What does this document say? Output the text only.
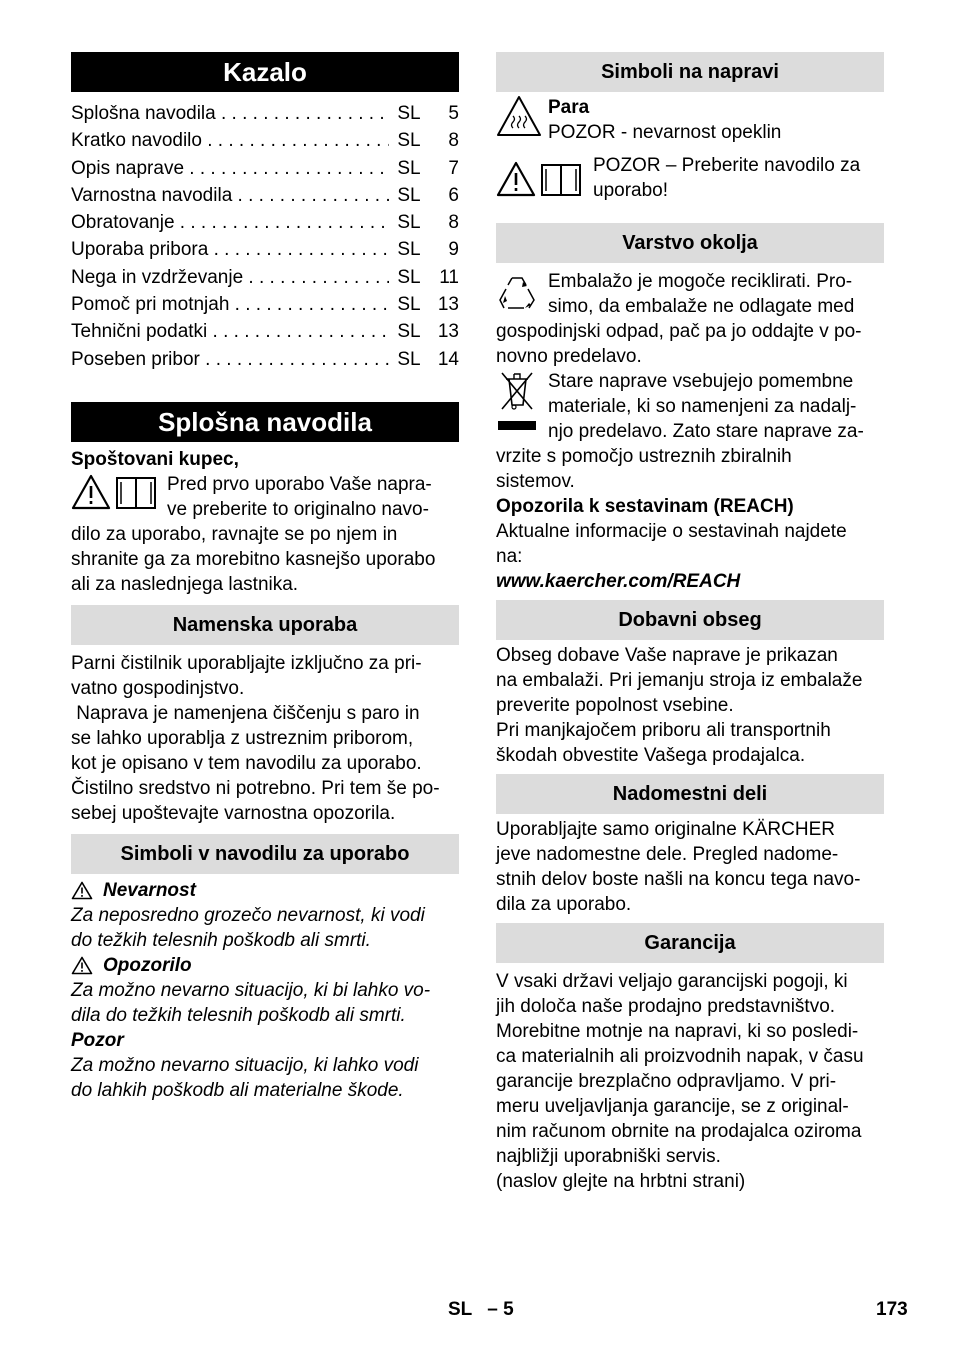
Kazalo
Splošna navodila . . .	SL	5
Kratko navodilo . . .	SL	8
Opis naprave . . .	SL	7
Varnostna navodila . . .	SL	6
Obratovanje . . .	SL	8
Uporaba pribora . . .	SL	9
Nega in vzdrževanje . . .	SL 11
Pomoč pri motnjah . . .	SL 13
Tehnični podatki . . .	SL 13
Poseben pribor . . .	SL 14
Splošna navodila

Spoštovani kupec,

Pred prvo uporabo Vaše napra-

ve preberite to originalno navo-

dilo za uporabo, ravnajte se po njem in

shranite ga za morebitno kasnejšo uporabo

ali za naslednjega lastnika.

Namenska uporaba

Parni čistilnik uporabljajte izključno za pri-

vatno gospodinjstvo.

Naprava je namenjena čiščenju s paro in

se lahko uporablja z ustreznim priborom,

kot je opisano v tem navodilu za uporabo.

Čistilno sredstvo ni potrebno. Pri tem še po-

sebej upoštevajte varnostna opozorila.

Simboli v navodilu za uporabo
Nevarnost

Za neposredno grozečo nevarnost, ki vodi

do težkih telesnih poškodb ali smrti.

Opozorilo

Za možno nevarno situacijo, ki bi lahko vo-

dila do težkih telesnih poškodb ali smrti.

Pozor

Za možno nevarno situacijo, ki lahko vodi

do lahkih poškodb ali materialne škode.

Simboli na napravi

Para

POZOR - nevarnost opeklin

POZOR – Preberite navodilo za

uporabo!

Varstvo okolja

Embalažo je mogoče reciklirati. Pro-

simo, da embalaže ne odlagate med

gospodinjski odpad, pač pa jo oddajte v po-

novno predelavo.

Stare naprave vsebujejo pomembne

materiale, ki so namenjeni za nadalj-

njo predelavo. Zato stare naprave za-

vrzite s pomočjo ustreznih zbiralnih

sistemov.

Opozorila k sestavinam (REACH)

Aktualne informacije o sestavinah najdete

na:

www.kaercher.com/REACH

Dobavni obseg

Obseg dobave Vaše naprave je prikazan

na embalaži. Pri jemanju stroja iz embalaže

preverite popolnost vsebine.

Pri manjkajočem priboru ali transportnih

škodah obvestite Vašega prodajalca.

Nadomestni deli

Uporabljajte samo originalne KÄRCHER

jeve nadomestne dele. Pregled nadome-

stnih delov boste našli na koncu tega navo-

dila za uporabo.

Garancija

V vsaki državi veljajo garancijski pogoji, ki

jih določa naše prodajno predstavništvo.

Morebitne motnje na napravi, ki so posledi-

ca materialnih ali proizvodnih napak, v času

garancije brezplačno odpravljamo. V pri-

meru uveljavljanja garancije, se z original-

nim računom obrnite na prodajalca oziroma

najbližji uporabniški servis.

(naslov glejte na hrbtni strani)

SL – 5	173
